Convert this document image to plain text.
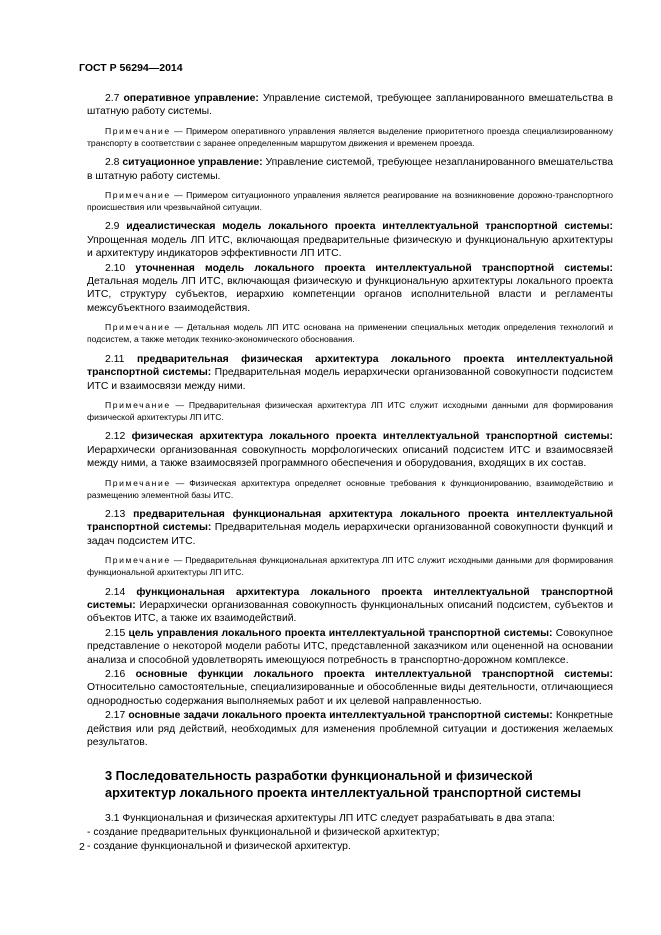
ГОСТ Р 56294—2014

2.7 оперативное управление: Управление системой, требующее запланированного вмешательства в штатную работу системы.

Примечание — Примером оперативного управления является выделение приоритетного проезда специализированному транспорту в соответствии с заранее определенным маршрутом движения и временем проезда.

2.8 ситуационное управление: Управление системой, требующее незапланированного вмешательства в штатную работу системы.

Примечание — Примером ситуационного управления является реагирование на возникновение дорожно-транспортного происшествия или чрезвычайной ситуации.

2.9 идеалистическая модель локального проекта интеллектуальной транспортной системы: Упрощенная модель ЛП ИТС, включающая предварительные физическую и функциональную архитектуры и архитектуру индикаторов эффективности ЛП ИТС.

2.10 уточненная модель локального проекта интеллектуальной транспортной системы: Детальная модель ЛП ИТС, включающая физическую и функциональную архитектуры локального проекта ИТС, структуру субъектов, иерархию компетенции органов исполнительной власти и регламенты межсубъектного взаимодействия.

Примечание — Детальная модель ЛП ИТС основана на применении специальных методик определения технологий и подсистем, а также методик технико-экономического обоснования.

2.11 предварительная физическая архитектура локального проекта интеллектуальной транспортной системы: Предварительная модель иерархически организованной совокупности подсистем ИТС и взаимосвязи между ними.

Примечание — Предварительная физическая архитектура ЛП ИТС служит исходными данными для формирования физической архитектуры ЛП ИТС.

2.12 физическая архитектура локального проекта интеллектуальной транспортной системы: Иерархически организованная совокупность морфологических описаний подсистем ИТС и взаимосвязей между ними, а также взаимосвязей программного обеспечения и оборудования, входящих в их состав.

Примечание — Физическая архитектура определяет основные требования к функционированию, взаимодействию и размещению элементной базы ИТС.

2.13 предварительная функциональная архитектура локального проекта интеллектуальной транспортной системы: Предварительная модель иерархически организованной совокупности функций и задач подсистем ИТС.

Примечание — Предварительная функциональная архитектура ЛП ИТС служит исходными данными для формирования функциональной архитектуры ЛП ИТС.

2.14 функциональная архитектура локального проекта интеллектуальной транспортной системы: Иерархически организованная совокупность функциональных описаний подсистем, субъектов и объектов ИТС, а также их взаимодействий.

2.15 цель управления локального проекта интеллектуальной транспортной системы: Совокупное представление о некоторой модели работы ИТС, представленной заказчиком или оцененной на основании анализа и способной удовлетворять имеющуюся потребность в транспортно-дорожном комплексе.

2.16 основные функции локального проекта интеллектуальной транспортной системы: Относительно самостоятельные, специализированные и обособленные виды деятельности, отличающиеся однородностью содержания выполняемых работ и их целевой направленностью.

2.17 основные задачи локального проекта интеллектуальной транспортной системы: Конкретные действия или ряд действий, необходимых для изменения проблемной ситуации и достижения желаемых результатов.

3 Последовательность разработки функциональной и физической
архитектур локального проекта интеллектуальной транспортной системы

3.1 Функциональная и физическая архитектуры ЛП ИТС следует разрабатывать в два этапа:

- создание предварительных функциональной и физической архитектур;
- создание функциональной и физической архитектур.
2
